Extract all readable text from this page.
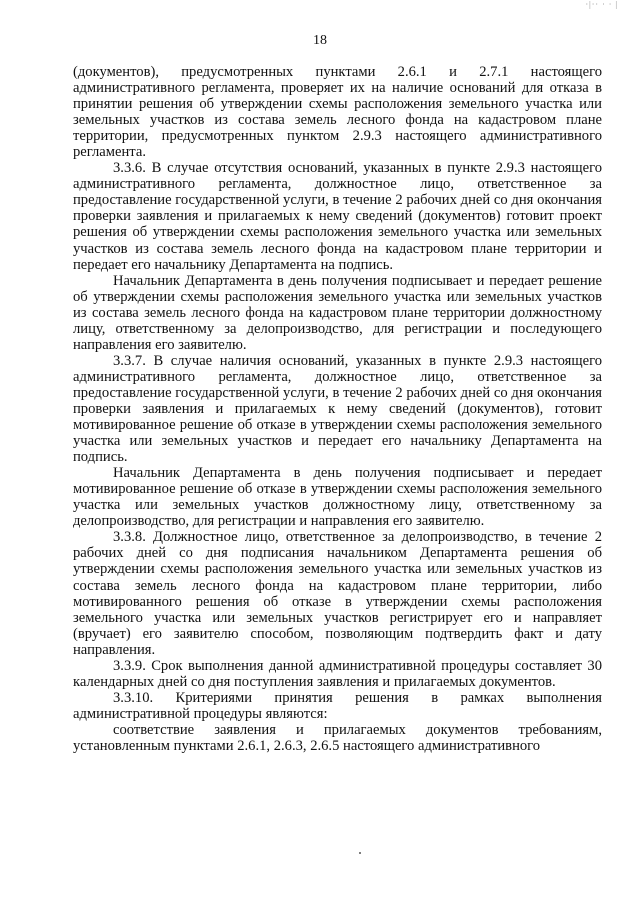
·|·· · · |
18

(документов), предусмотренных пунктами 2.6.1 и 2.7.1 настоящего административного регламента, проверяет их на наличие оснований для отказа в принятии решения об утверждении схемы расположения земельного участка или земельных участков из состава земель лесного фонда на кадастровом плане территории, предусмотренных пунктом 2.9.3 настоящего административного регламента.

3.3.6. В случае отсутствия оснований, указанных в пункте 2.9.3 настоящего административного регламента, должностное лицо, ответственное за предоставление государственной услуги, в течение 2 рабочих дней со дня окончания проверки заявления и прилагаемых к нему сведений (документов) готовит проект решения об утверждении схемы расположения земельного участка или земельных участков из состава земель лесного фонда на кадастровом плане территории и передает его начальнику Департамента на подпись.

Начальник Департамента в день получения подписывает и передает решение об утверждении схемы расположения земельного участка или земельных участков из состава земель лесного фонда на кадастровом плане территории должностному лицу, ответственному за делопроизводство, для регистрации и последующего направления его заявителю.

3.3.7. В случае наличия оснований, указанных в пункте 2.9.3 настоящего административного регламента, должностное лицо, ответственное за предоставление государственной услуги, в течение 2 рабочих дней со дня окончания проверки заявления и прилагаемых к нему сведений (документов), готовит мотивированное решение об отказе в утверждении схемы расположения земельного участка или земельных участков и передает его начальнику Департамента на подпись.

Начальник Департамента в день получения подписывает и передает мотивированное решение об отказе в утверждении схемы расположения земельного участка или земельных участков должностному лицу, ответственному за делопроизводство, для регистрации и направления его заявителю.

3.3.8. Должностное лицо, ответственное за делопроизводство, в течение 2 рабочих дней со дня подписания начальником Департамента решения об утверждении схемы расположения земельного участка или земельных участков из состава земель лесного фонда на кадастровом плане территории, либо мотивированного решения об отказе в утверждении схемы расположения земельного участка или земельных участков регистрирует его и направляет (вручает) его заявителю способом, позволяющим подтвердить факт и дату направления.

3.3.9. Срок выполнения данной административной процедуры составляет 30 календарных дней со дня поступления заявления и прилагаемых документов.

3.3.10. Критериями принятия решения в рамках выполнения административной процедуры являются:

соответствие заявления и прилагаемых документов требованиям, установленным пунктами 2.6.1, 2.6.3, 2.6.5 настоящего административного
